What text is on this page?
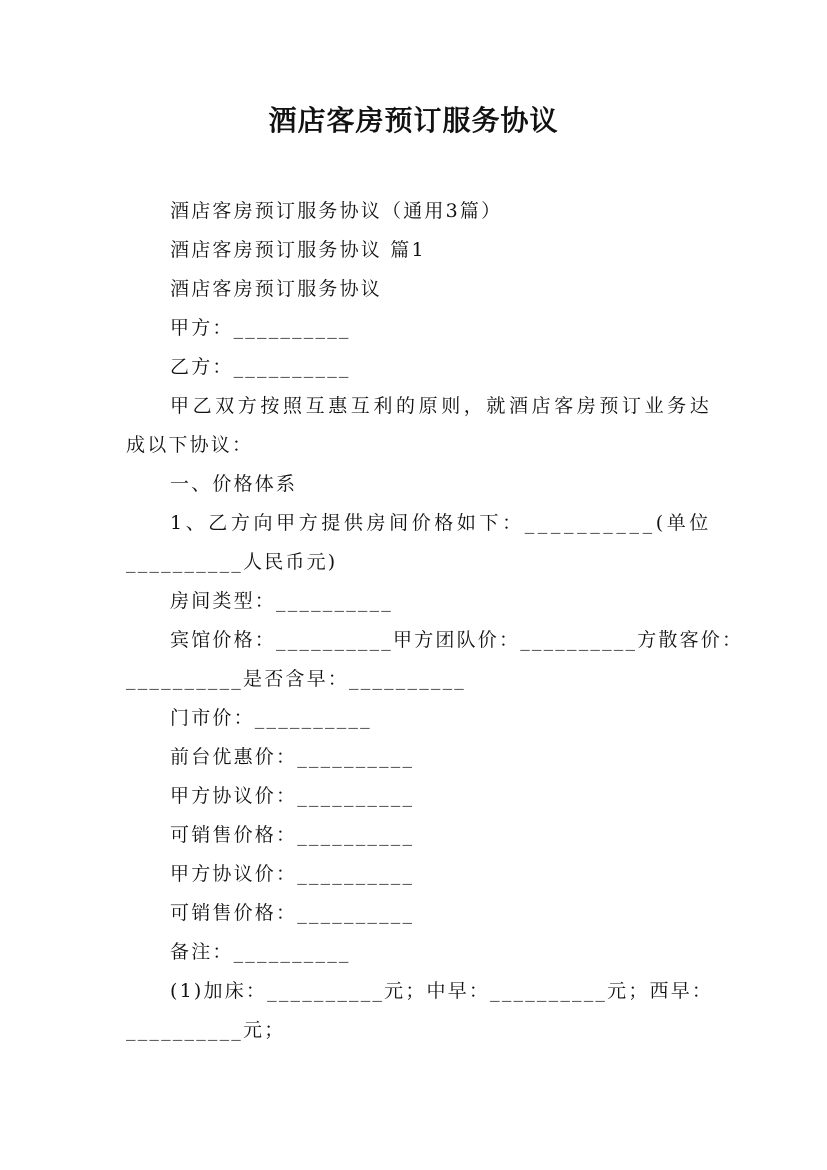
酒店客房预订服务协议
酒店客房预订服务协议（通用3篇）
酒店客房预订服务协议 篇1
酒店客房预订服务协议
甲方：__________
乙方：__________
甲乙双方按照互惠互利的原则，就酒店客房预订业务达
成以下协议：
一、价格体系
1、乙方向甲方提供房间价格如下：__________(单位
__________人民币元)
房间类型：__________
宾馆价格：__________甲方团队价：__________方散客价：
__________是否含早：__________
门市价：__________
前台优惠价：__________
甲方协议价：__________
可销售价格：__________
甲方协议价：__________
可销售价格：__________
备注：__________
(1)加床：__________元；中早：__________元；西早：
__________元；
